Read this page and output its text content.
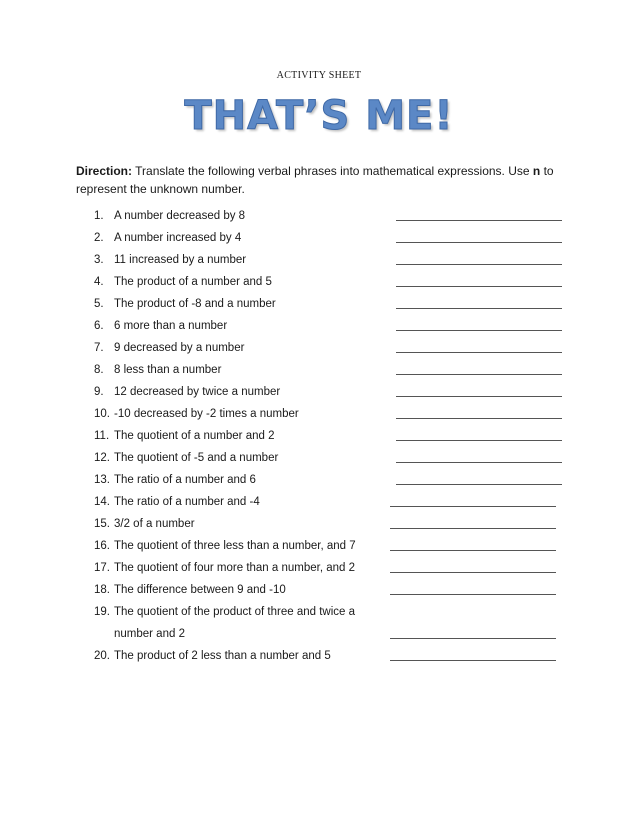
ACTIVITY SHEET
THAT’S ME!
Direction: Translate the following verbal phrases into mathematical expressions. Use n to represent the unknown number.
1. A number decreased by 8
2. A number increased by 4
3. 11 increased by a number
4. The product of a number and 5
5. The product of -8 and a number
6. 6 more than a number
7. 9 decreased by a number
8. 8 less than a number
9. 12 decreased by twice a number
10. -10 decreased by -2 times a number
11. The quotient of a number and 2
12. The quotient of -5 and a number
13. The ratio of a number and 6
14. The ratio of a number and -4
15. 3/2 of a number
16. The quotient of three less than a number, and 7
17. The quotient of four more than a number, and 2
18. The difference between 9 and -10
19. The quotient of the product of three and twice a number and 2
20. The product of 2 less than a number and 5
